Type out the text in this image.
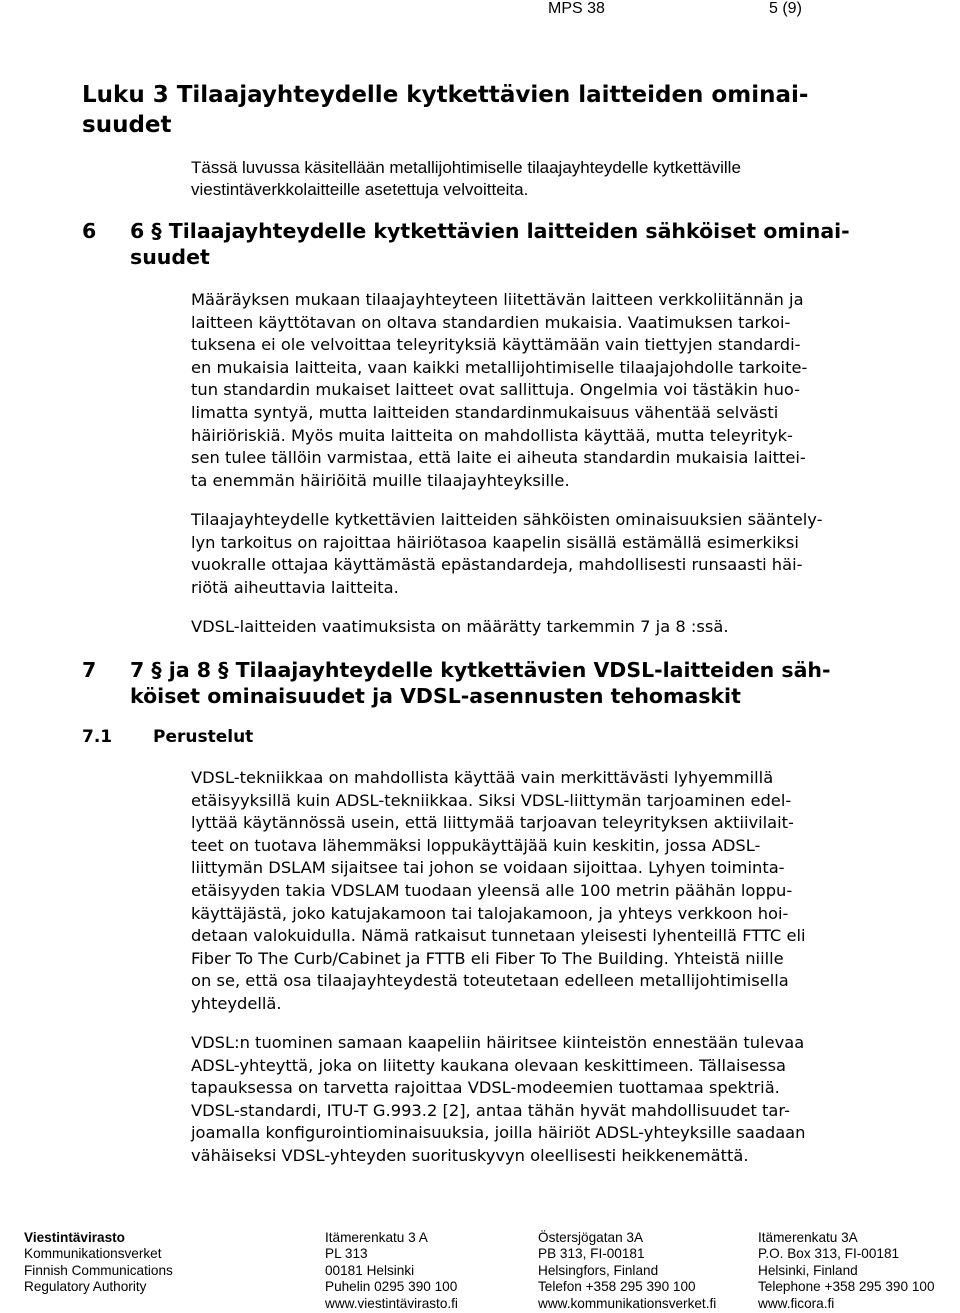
MPS 38	5 (9)
Luku 3 Tilaajayhteydelle kytkettävien laitteiden ominai-
suudet

Tässä luvussa käsitellään metallijohtimiselle tilaajayhteydelle kytkettäville
viestintäverkkolaitteille asetettuja velvoitteita.

6 6 § Tilaajayhteydelle kytkettävien laitteiden sähköiset ominai-
suudet

Määräyksen mukaan tilaajayhteyteen liitettävän laitteen verkkoliitännän ja
laitteen käyttötavan on oltava standardien mukaisia. Vaatimuksen tarkoi-
tuksena ei ole velvoittaa teleyrityksiä käyttämään vain tiettyjen standardi-
en mukaisia laitteita, vaan kaikki metallijohtimiselle tilaajajohdolle tarkoite-
tun standardin mukaiset laitteet ovat sallittuja. Ongelmia voi tästäkin huo-
limatta syntyä, mutta laitteiden standardinmukaisuus vähentää selvästi
häiriöriskiä. Myös muita laitteita on mahdollista käyttää, mutta teleyrityk-
sen tulee tällöin varmistaa, että laite ei aiheuta standardin mukaisia laittei-
ta enemmän häiriöitä muille tilaajayhteyksille.

Tilaajayhteydelle kytkettävien laitteiden sähköisten ominaisuuksien sääntely-
lyn tarkoitus on rajoittaa häiriötasoa kaapelin sisällä estämällä esimerkiksi
vuokralle ottajaa käyttämästä epästandardeja, mahdollisesti runsaasti häi-
riötä aiheuttavia laitteita.

VDSL-laitteiden vaatimuksista on määrätty tarkemmin 7 ja 8 :ssä.

7 7 § ja 8 § Tilaajayhteydelle kytkettävien VDSL-laitteiden säh-
köiset ominaisuudet ja VDSL-asennusten tehomaskit
7.1 Perustelut

VDSL-tekniikkaa on mahdollista käyttää vain merkittävästi lyhyemmillä
etäisyyksillä kuin ADSL-tekniikkaa. Siksi VDSL-liittymän tarjoaminen edel-
lyttää käytännössä usein, että liittymää tarjoavan teleyrityksen aktiivilait-
teet on tuotava lähemmäksi loppukäyttäjää kuin keskitin, jossa ADSL-
liittymän DSLAM sijaitsee tai johon se voidaan sijoittaa. Lyhyen toiminta-
etäisyyden takia VDSLAM tuodaan yleensä alle 100 metrin päähän loppu-
käyttäjästä, joko katujakamoon tai talojakamoon, ja yhteys verkkoon hoi-
detaan valokuidulla. Nämä ratkaisut tunnetaan yleisesti lyhenteillä FTTC eli
Fiber To The Curb/Cabinet ja FTTB eli Fiber To The Building. Yhteistä niille
on se, että osa tilaajayhteydestä toteutetaan edelleen metallijohtimisella
yhteydellä.

VDSL:n tuominen samaan kaapeliin häiritsee kiinteistön ennestään tulevaa
ADSL-yhteyttä, joka on liitetty kaukana olevaan keskittimeen. Tällaisessa
tapauksessa on tarvetta rajoittaa VDSL-modeemien tuottamaa spektriä.
VDSL-standardi, ITU-T G.993.2 [2], antaa tähän hyvät mahdollisuudet tar-
joamalla konfigurointiominaisuuksia, joilla häiriöt ADSL-yhteyksille saadaan
vähäiseksi VDSL-yhteyden suorituskyvyn oleellisesti heikkenemättä.

Viestintävirasto
Kommunikationsverket
Finnish Communications
Regulatory Authority
Itämerenkatu 3 A
PL 313
00181 Helsinki
Puhelin 0295 390 100
www.viestintävirasto.fi
Östersjögatan 3A
PB 313, FI-00181
Helsingfors, Finland
Telefon +358 295 390 100
www.kommunikationsverket.fi
Itämerenkatu 3A
P.O. Box 313, FI-00181
Helsinki, Finland
Telephone +358 295 390 100
www.ficora.fi
